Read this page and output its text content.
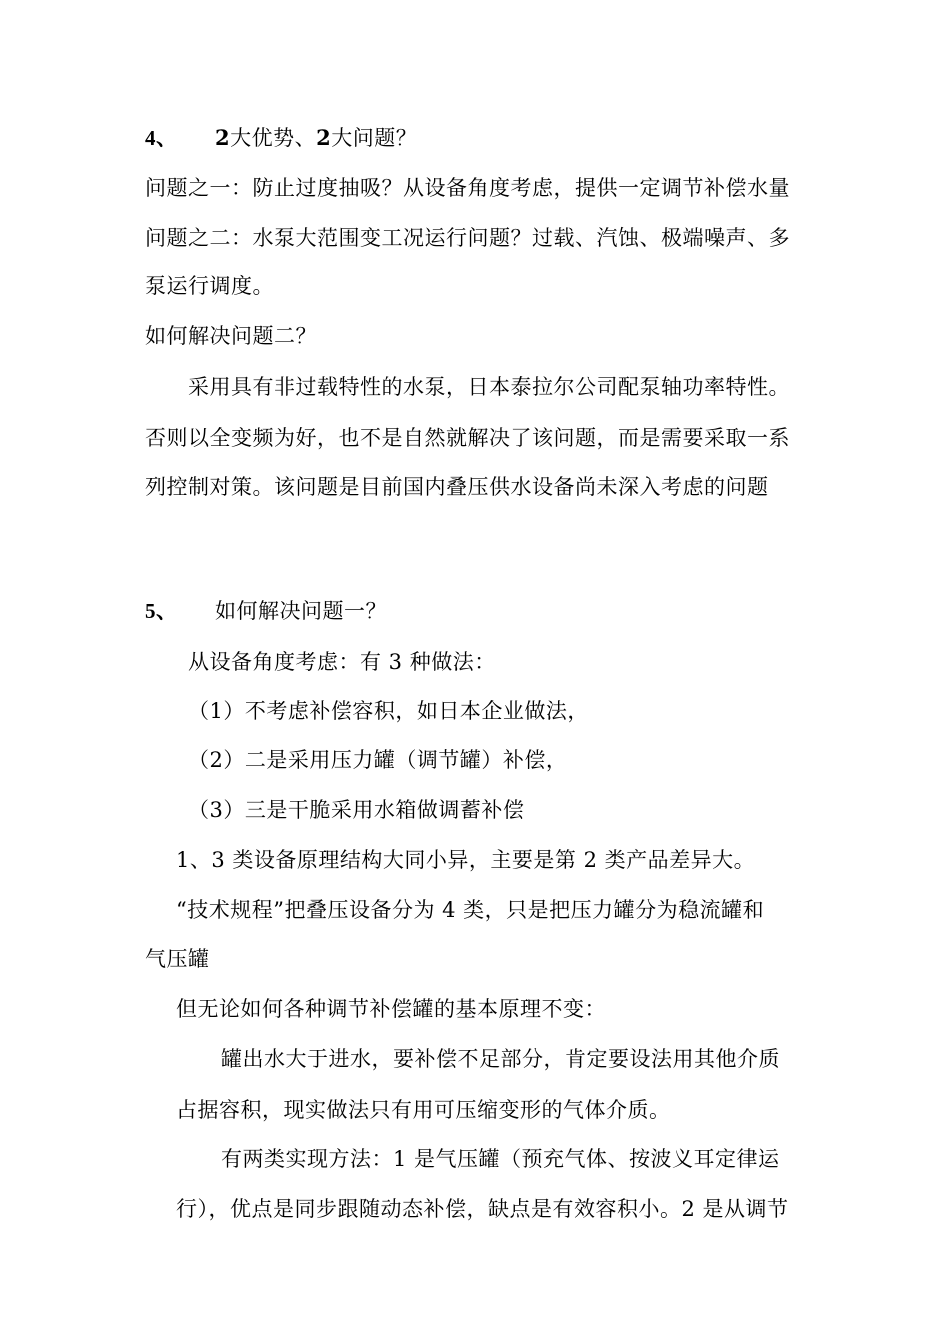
4、 2大优势、2大问题？
问题之一：防止过度抽吸？从设备角度考虑，提供一定调节补偿水量
问题之二：水泵大范围变工况运行问题？过载、汽蚀、极端噪声、多
泵运行调度。
如何解决问题二？
采用具有非过载特性的水泵，日本泰拉尔公司配泵轴功率特性。
否则以全变频为好，也不是自然就解决了该问题，而是需要采取一系
列控制对策。该问题是目前国内叠压供水设备尚未深入考虑的问题
5、 如何解决问题一？
从设备角度考虑：有 3 种做法：
（1）不考虑补偿容积，如日本企业做法，
（2）二是采用压力罐（调节罐）补偿，
（3）三是干脆采用水箱做调蓄补偿
1、3 类设备原理结构大同小异，主要是第 2 类产品差异大。
“技术规程”把叠压设备分为 4 类，只是把压力罐分为稳流罐和
气压罐
但无论如何各种调节补偿罐的基本原理不变：
罐出水大于进水，要补偿不足部分，肯定要设法用其他介质
占据容积，现实做法只有用可压缩变形的气体介质。
有两类实现方法：1 是气压罐（预充气体、按波义耳定律运
行），优点是同步跟随动态补偿，缺点是有效容积小。2 是从调节
